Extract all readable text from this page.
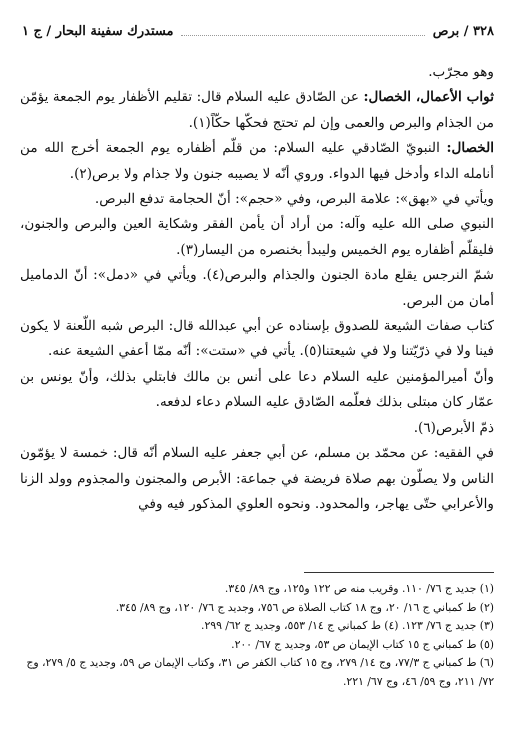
٣٢٨ / برص
مستدرك سفينة البحار / ج ١

وهو مجرّب.

ثواب الأعمال، الخصال: عن الصّادق عليه السلام قال: تقليم الأظفار يوم الجمعة يؤمّن من الجذام والبرص والعمى وإن لم تحتج فحكّها حكّاً(١).

الخصال: النبويّ الصّادقي عليه السلام: من قلّم أظفاره يوم الجمعة أخرج الله من أنامله الداء وأدخل فيها الدواء. وروي أنّه لا يصيبه جنون ولا جذام ولا برص(٢).

ويأتي في «بهق»: علامة البرص، وفي «حجم»: أنّ الحجامة تدفع البرص.

النبوي صلى الله عليه وآله: من أراد أن يأمن الفقر وشكاية العين والبرص والجنون، فليقلّم أظفاره يوم الخميس وليبدأ بخنصره من اليسار(٣).

شمّ النرجس يقلع مادة الجنون والجذام والبرص(٤). ويأتي في «دمل»: أنّ الدماميل أمان من البرص.

كتاب صفات الشيعة للصدوق بإسناده عن أبي عبدالله قال: البرص شبه اللّعنة لا يكون فينا ولا في ذرّيّتنا ولا في شيعتنا(٥). يأتي في «ستت»: أنّه ممّا أعفي الشيعة عنه.

وأنّ أميرالمؤمنين عليه السلام دعا على أنس بن مالك فابتلي بذلك، وأنّ يونس بن عمّار كان مبتلى بذلك فعلّمه الصّادق عليه السلام دعاء لدفعه.

ذمّ الأبرص(٦).

في الفقيه: عن محمّد بن مسلم، عن أبي جعفر عليه السلام أنّه قال: خمسة لا يؤمّون الناس ولا يصلّون بهم صلاة فريضة في جماعة: الأبرص والمجنون والمجذوم وولد الزنا والأعرابي حتّى يهاجر، والمحدود. ونحوه العلوي المذكور فيه وفي

(١) جديد ج ٧٦/ ١١٠. وقريب منه ص ١٢٢ و١٢٥، وج ٨٩/ ٣٤٥.

(٢) ط كمباني ج ١٦/ ٢٠، وج ١٨ كتاب الصلاة ص ٧٥٦، وجديد ج ٧٦/ ١٢٠، وج ٨٩/ ٣٤٥.

(٣) جديد ج ٧٦/ ١٢٣. (٤) ط كمباني ج ١٤/ ٥٥٣، وجديد ج ٦٢/ ٢٩٩.

(٥) ط كمباني ج ١٥ كتاب الإيمان ص ٥٣، وجديد ج ٦٧/ ٢٠٠.

(٦) ط كمباني ج ٧٧/٣، وج ١٤/ ٢٧٩، وج ١٥ كتاب الكفر ص ٣١، وكتاب الإيمان ص ٥٩، وجديد ج ٥/ ٢٧٩، وج ٧٢/ ٢١١، وج ٥٩/ ٤٦، وج ٦٧/ ٢٢١.
